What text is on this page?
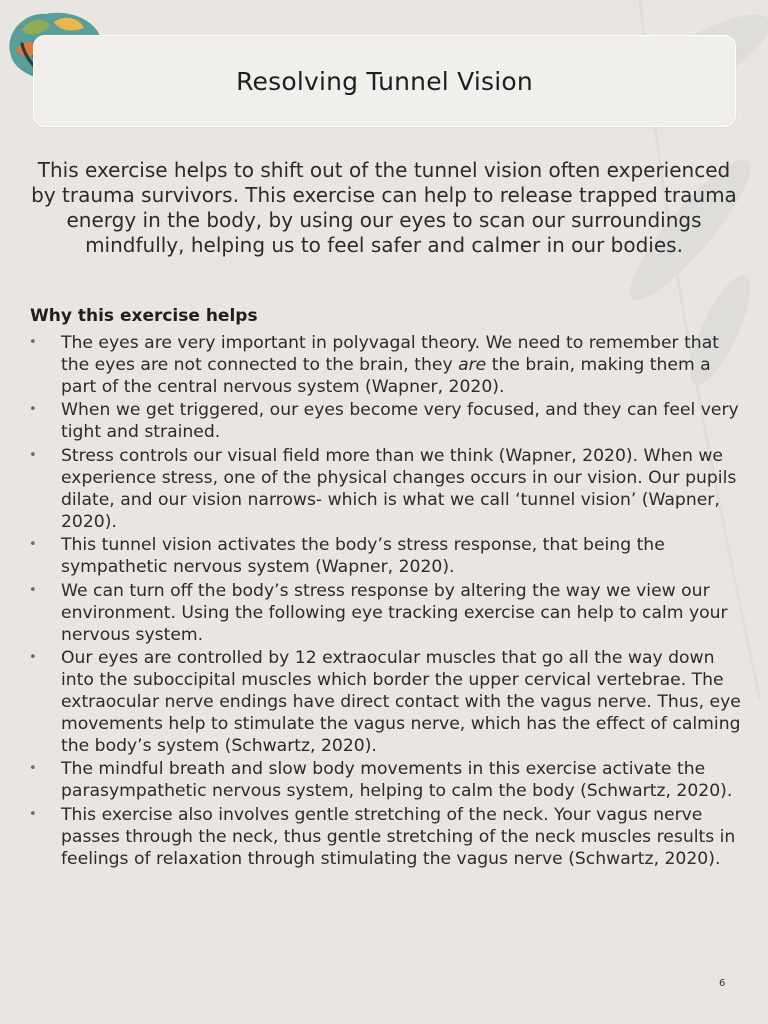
Resolving Tunnel Vision

This exercise helps to shift out of the tunnel vision often experienced by trauma survivors. This exercise can help to release trapped trauma energy in the body, by using our eyes to scan our surroundings mindfully, helping us to feel safer and calmer in our bodies.

Why this exercise helps
• The eyes are very important in polyvagal theory. We need to remember that the eyes are not connected to the brain, they are the brain, making them a part of the central nervous system (Wapner, 2020).
• When we get triggered, our eyes become very focused, and they can feel very tight and strained.
• Stress controls our visual field more than we think (Wapner, 2020). When we experience stress, one of the physical changes occurs in our vision. Our pupils dilate, and our vision narrows- which is what we call ‘tunnel vision’ (Wapner, 2020).
• This tunnel vision activates the body’s stress response, that being the sympathetic nervous system (Wapner, 2020).
• We can turn off the body’s stress response by altering the way we view our environment. Using the following eye tracking exercise can help to calm your nervous system.
• Our eyes are controlled by 12 extraocular muscles that go all the way down into the suboccipital muscles which border the upper cervical vertebrae. The extraocular nerve endings have direct contact with the vagus nerve. Thus, eye movements help to stimulate the vagus nerve, which has the effect of calming the body’s system (Schwartz, 2020).
• The mindful breath and slow body movements in this exercise activate the parasympathetic nervous system, helping to calm the body (Schwartz, 2020).
• This exercise also involves gentle stretching of the neck. Your vagus nerve passes through the neck, thus gentle stretching of the neck muscles results in feelings of relaxation through stimulating the vagus nerve (Schwartz, 2020).
6
